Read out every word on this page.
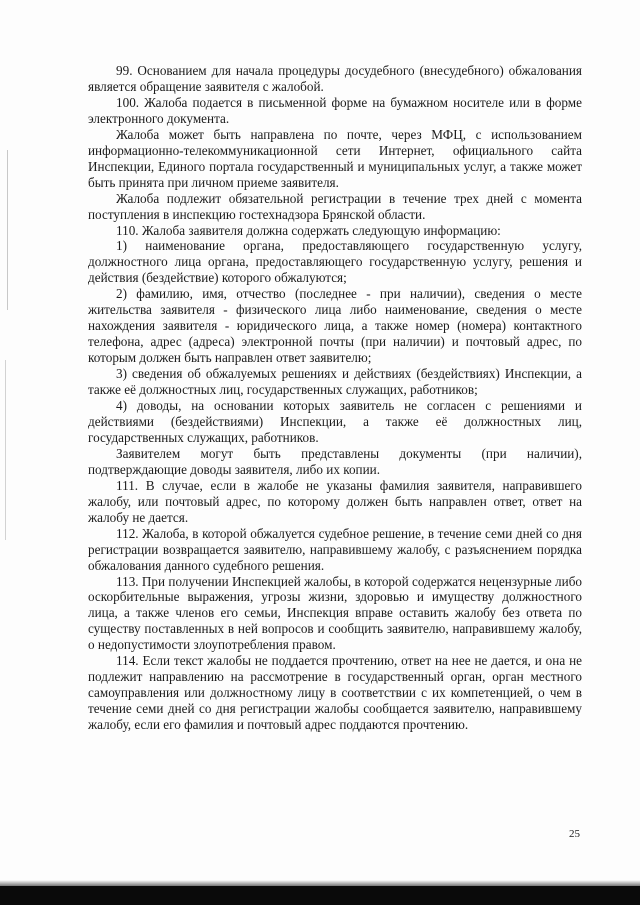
99. Основанием для начала процедуры досудебного (внесудебного) обжалования является обращение заявителя с жалобой.

100. Жалоба подается в письменной форме на бумажном носителе или в форме электронного документа.

Жалоба может быть направлена по почте, через МФЦ, с использованием информационно-телекоммуникационной сети Интернет, официального сайта Инспекции, Единого портала государственный и муниципальных услуг, а также может быть принята при личном приеме заявителя.

Жалоба подлежит обязательной регистрации в течение трех дней с момента поступления в инспекцию гостехнадзора Брянской области.

110. Жалоба заявителя должна содержать следующую информацию:

1) наименование органа, предоставляющего государственную услугу, должностного лица органа, предоставляющего государственную услугу, решения и действия (бездействие) которого обжалуются;

2) фамилию, имя, отчество (последнее - при наличии), сведения о месте жительства заявителя - физического лица либо наименование, сведения о месте нахождения заявителя - юридического лица, а также номер (номера) контактного телефона, адрес (адреса) электронной почты (при наличии) и почтовый адрес, по которым должен быть направлен ответ заявителю;

3) сведения об обжалуемых решениях и действиях (бездействиях) Инспекции, а также её должностных лиц, государственных служащих, работников;

4) доводы, на основании которых заявитель не согласен с решениями и действиями (бездействиями) Инспекции, а также её должностных лиц, государственных служащих, работников.

Заявителем могут быть представлены документы (при наличии), подтверждающие доводы заявителя, либо их копии.

111. В случае, если в жалобе не указаны фамилия заявителя, направившего жалобу, или почтовый адрес, по которому должен быть направлен ответ, ответ на жалобу не дается.

112. Жалоба, в которой обжалуется судебное решение, в течение семи дней со дня регистрации возвращается заявителю, направившему жалобу, с разъяснением порядка обжалования данного судебного решения.

113. При получении Инспекцией жалобы, в которой содержатся нецензурные либо оскорбительные выражения, угрозы жизни, здоровью и имуществу должностного лица, а также членов его семьи, Инспекция вправе оставить жалобу без ответа по существу поставленных в ней вопросов и сообщить заявителю, направившему жалобу, о недопустимости злоупотребления правом.

114. Если текст жалобы не поддается прочтению, ответ на нее не дается, и она не подлежит направлению на рассмотрение в государственный орган, орган местного самоуправления или должностному лицу в соответствии с их компетенцией, о чем в течение семи дней со дня регистрации жалобы сообщается заявителю, направившему жалобу, если его фамилия и почтовый адрес поддаются прочтению.

25
